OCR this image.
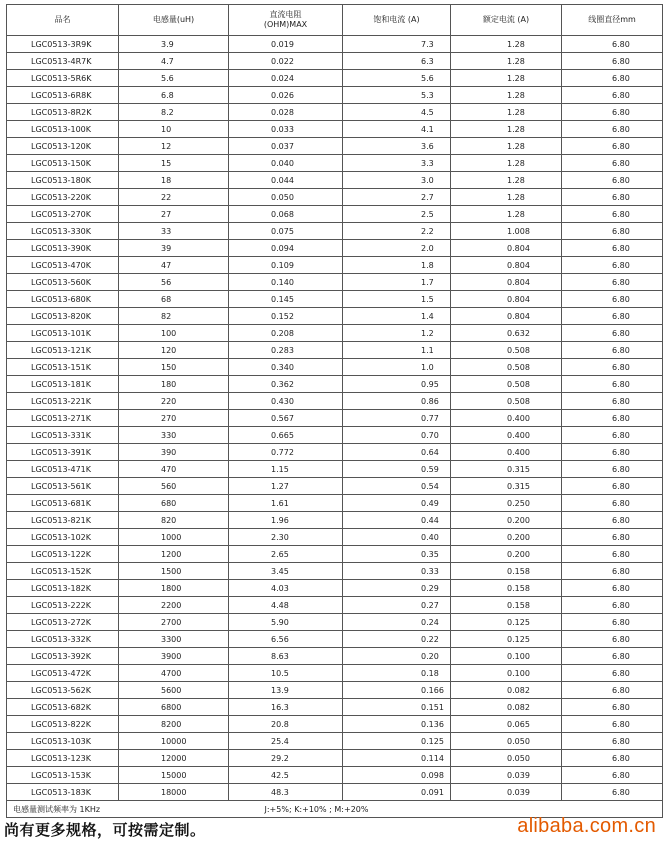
品名	电感量(uH)	直流电阻
(OHM)MAX	饱和电流 (A)	额定电流 (A)	线圈直径mm
LGC0513-3R9K	3.9	0.019	7.3	1.28	6.80
LGC0513-4R7K	4.7	0.022	6.3	1.28	6.80
LGC0513-5R6K	5.6	0.024	5.6	1.28	6.80
LGC0513-6R8K	6.8	0.026	5.3	1.28	6.80
LGC0513-8R2K	8.2	0.028	4.5	1.28	6.80
LGC0513-100K	10	0.033	4.1	1.28	6.80
LGC0513-120K	12	0.037	3.6	1.28	6.80
LGC0513-150K	15	0.040	3.3	1.28	6.80
LGC0513-180K	18	0.044	3.0	1.28	6.80
LGC0513-220K	22	0.050	2.7	1.28	6.80
LGC0513-270K	27	0.068	2.5	1.28	6.80
LGC0513-330K	33	0.075	2.2	1.008	6.80
LGC0513-390K	39	0.094	2.0	0.804	6.80
LGC0513-470K	47	0.109	1.8	0.804	6.80
LGC0513-560K	56	0.140	1.7	0.804	6.80
LGC0513-680K	68	0.145	1.5	0.804	6.80
LGC0513-820K	82	0.152	1.4	0.804	6.80
LGC0513-101K	100	0.208	1.2	0.632	6.80
LGC0513-121K	120	0.283	1.1	0.508	6.80
LGC0513-151K	150	0.340	1.0	0.508	6.80
LGC0513-181K	180	0.362	0.95	0.508	6.80
LGC0513-221K	220	0.430	0.86	0.508	6.80
LGC0513-271K	270	0.567	0.77	0.400	6.80
LGC0513-331K	330	0.665	0.70	0.400	6.80
LGC0513-391K	390	0.772	0.64	0.400	6.80
LGC0513-471K	470	1.15	0.59	0.315	6.80
LGC0513-561K	560	1.27	0.54	0.315	6.80
LGC0513-681K	680	1.61	0.49	0.250	6.80
LGC0513-821K	820	1.96	0.44	0.200	6.80
LGC0513-102K	1000	2.30	0.40	0.200	6.80
LGC0513-122K	1200	2.65	0.35	0.200	6.80
LGC0513-152K	1500	3.45	0.33	0.158	6.80
LGC0513-182K	1800	4.03	0.29	0.158	6.80
LGC0513-222K	2200	4.48	0.27	0.158	6.80
LGC0513-272K	2700	5.90	0.24	0.125	6.80
LGC0513-332K	3300	6.56	0.22	0.125	6.80
LGC0513-392K	3900	8.63	0.20	0.100	6.80
LGC0513-472K	4700	10.5	0.18	0.100	6.80
LGC0513-562K	5600	13.9	0.166	0.082	6.80
LGC0513-682K	6800	16.3	0.151	0.082	6.80
LGC0513-822K	8200	20.8	0.136	0.065	6.80
LGC0513-103K	10000	25.4	0.125	0.050	6.80
LGC0513-123K	12000	29.2	0.114	0.050	6.80
LGC0513-153K	15000	42.5	0.098	0.039	6.80
LGC0513-183K	18000	48.3	0.091	0.039	6.80
电感量测试频率为 1KHz		J:+5%; K:+10% ; M:+20%			
尚有更多规格，可按需定制。	alibaba.com.cn
